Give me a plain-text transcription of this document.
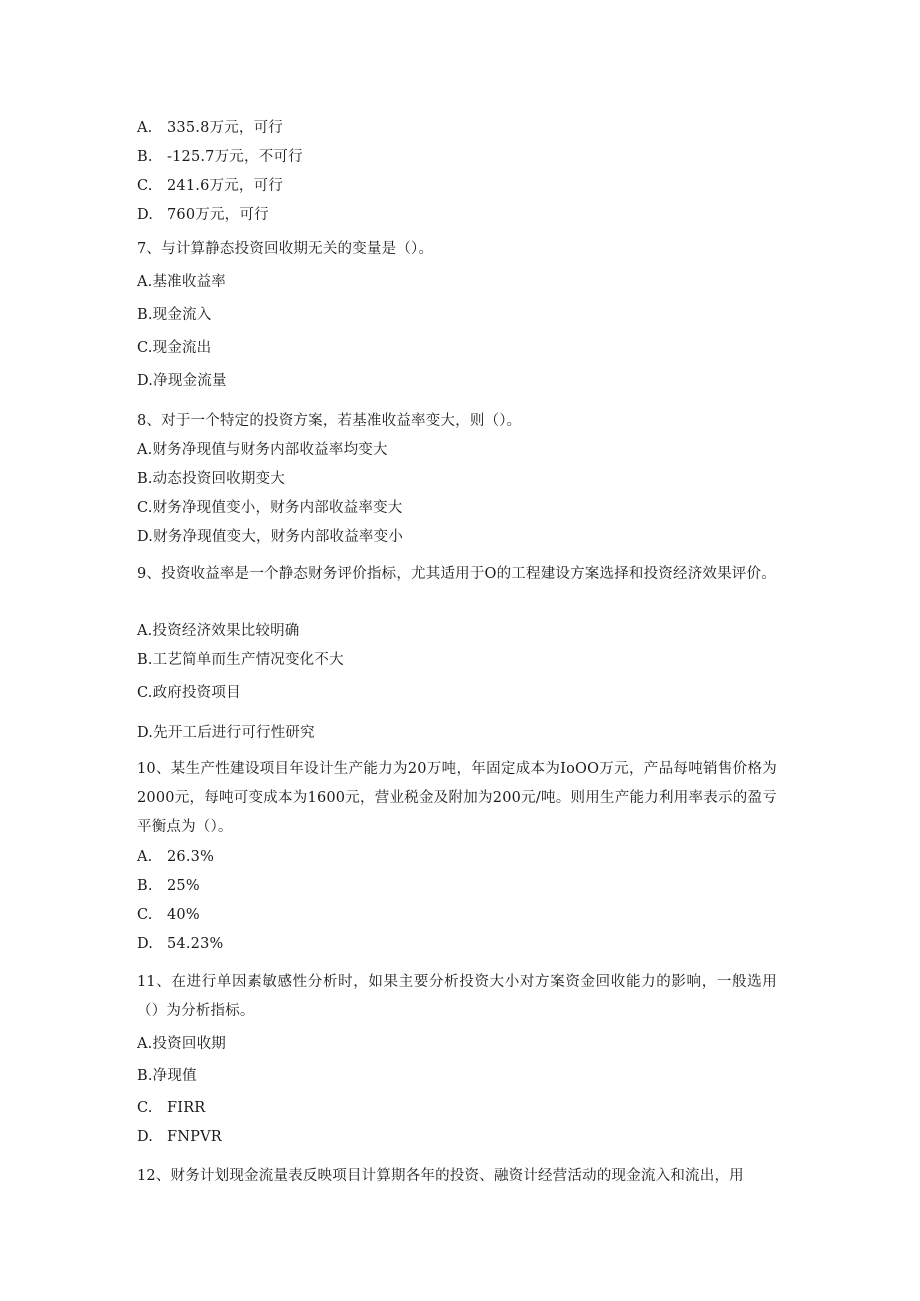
A. 335.8万元，可行
B. -125.7万元，不可行
C. 241.6万元，可行
D. 760万元，可行
7、与计算静态投资回收期无关的变量是（）。
A.基准收益率
B.现金流入
C.现金流出
D.净现金流量
8、对于一个特定的投资方案，若基准收益率变大，则（）。
A.财务净现值与财务内部收益率均变大
B.动态投资回收期变大
C.财务净现值变小，财务内部收益率变大
D.财务净现值变大，财务内部收益率变小
9、投资收益率是一个静态财务评价指标，尤其适用于O的工程建设方案选择和投资经济效果评价。
A.投资经济效果比较明确
B.工艺简单而生产情况变化不大
C.政府投资项目
D.先开工后进行可行性研究
10、某生产性建设项目年设计生产能力为20万吨，年固定成本为IoOO万元，产品每吨销售价格为2000元，每吨可变成本为1600元，营业税金及附加为200元/吨。则用生产能力利用率表示的盈亏平衡点为（）。
A. 26.3%
B. 25%
C. 40%
D. 54.23%
11、在进行单因素敏感性分析时，如果主要分析投资大小对方案资金回收能力的影响，一般选用（）为分析指标。
A.投资回收期
B.净现值
C. FIRR
D. FNPVR
12、财务计划现金流量表反映项目计算期各年的投资、融资计经营活动的现金流入和流出，用
